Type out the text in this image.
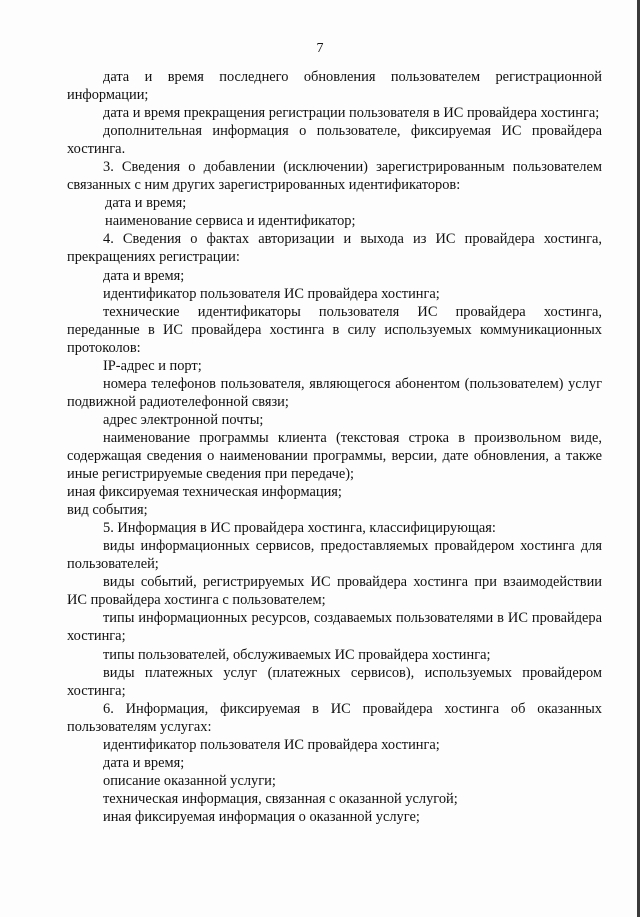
7

дата и время последнего обновления пользователем регистрационной информации;

дата и время прекращения регистрации пользователя в ИС провайдера хостинга;

дополнительная информация о пользователе, фиксируемая ИС провайдера хостинга.

3. Сведения о добавлении (исключении) зарегистрированным пользователем связанных с ним других зарегистрированных идентификаторов:

дата и время;

наименование сервиса и идентификатор;

4. Сведения о фактах авторизации и выхода из ИС провайдера хостинга, прекращениях регистрации:

дата и время;

идентификатор пользователя ИС провайдера хостинга;

технические идентификаторы пользователя ИС провайдера хостинга, переданные в ИС провайдера хостинга в силу используемых коммуникационных протоколов:

IP-адрес и порт;

номера телефонов пользователя, являющегося абонентом (пользователем) услуг подвижной радиотелефонной связи;

адрес электронной почты;

наименование программы клиента (текстовая строка в произвольном виде, содержащая сведения о наименовании программы, версии, дате обновления, а также иные регистрируемые сведения при передаче);

иная фиксируемая техническая информация;

вид события;

5. Информация в ИС провайдера хостинга, классифицирующая:

виды информационных сервисов, предоставляемых провайдером хостинга для пользователей;

виды событий, регистрируемых ИС провайдера хостинга при взаимодействии ИС провайдера хостинга с пользователем;

типы информационных ресурсов, создаваемых пользователями в ИС провайдера хостинга;

типы пользователей, обслуживаемых ИС провайдера хостинга;

виды платежных услуг (платежных сервисов), используемых провайдером хостинга;

6. Информация, фиксируемая в ИС провайдера хостинга об оказанных пользователям услугах:

идентификатор пользователя ИС провайдера хостинга;

дата и время;

описание оказанной услуги;

техническая информация, связанная с оказанной услугой;

иная фиксируемая информация о оказанной услуге;
